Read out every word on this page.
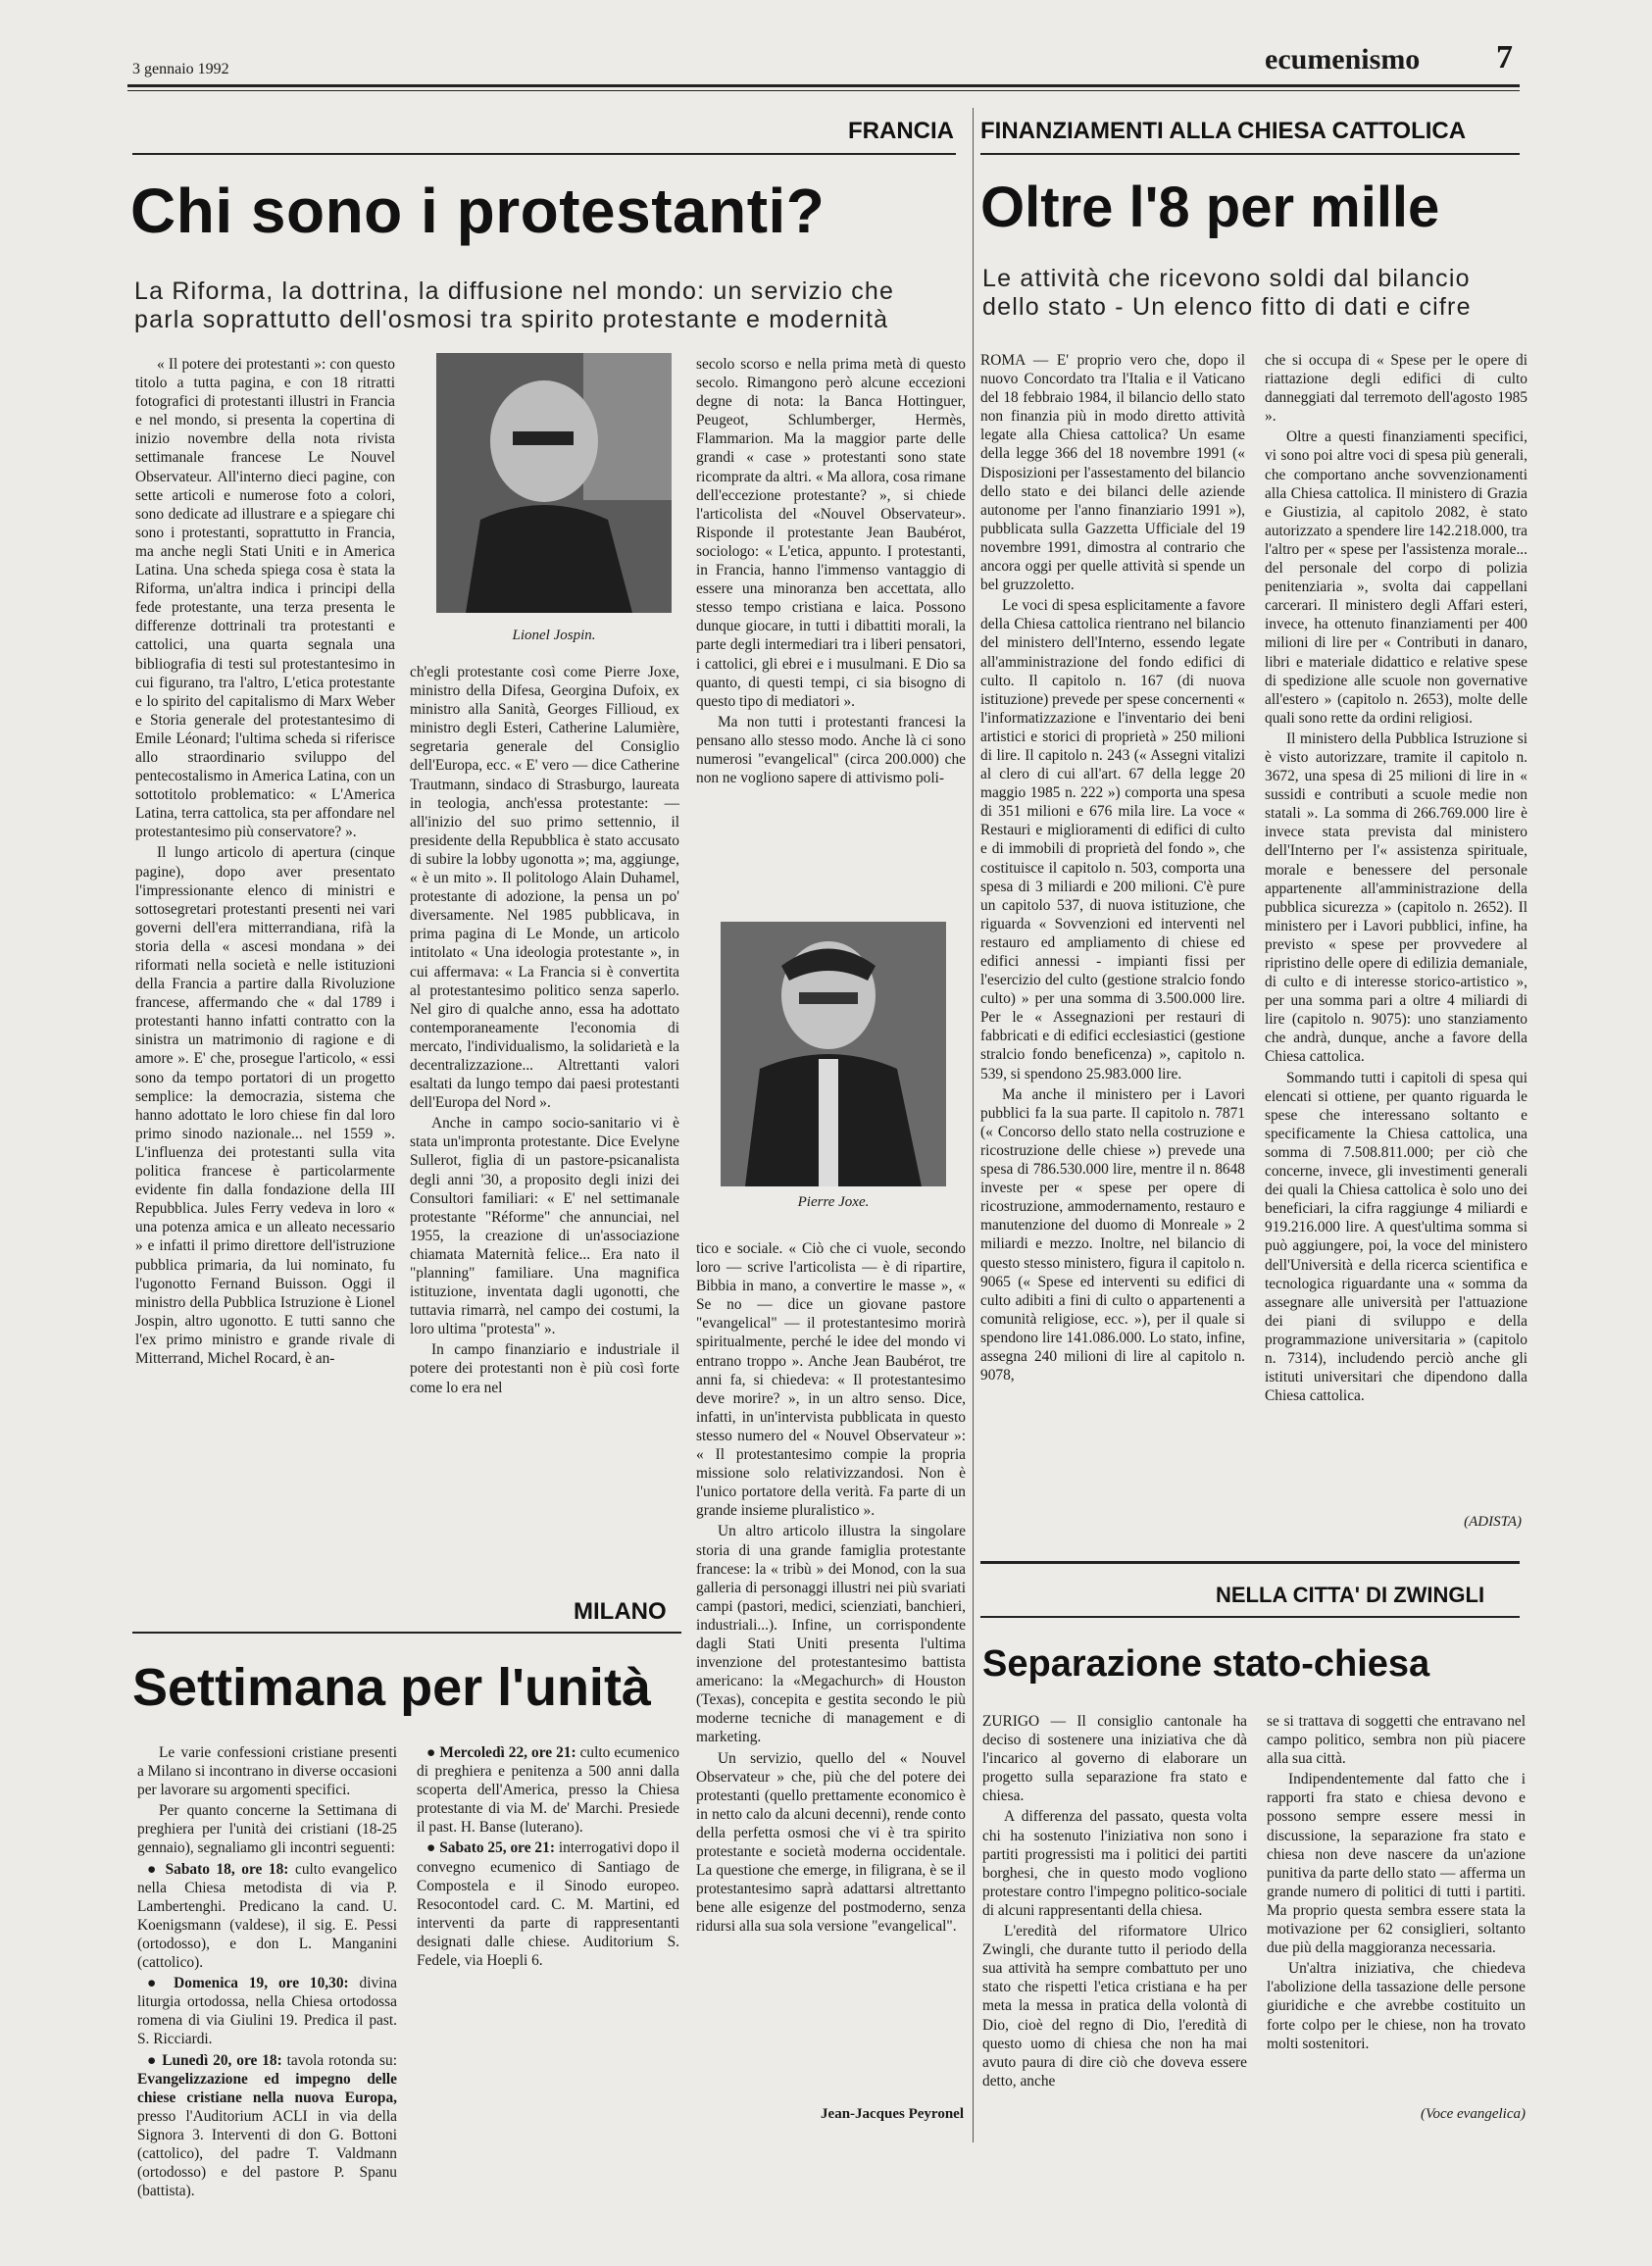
3 gennaio 1992	ecumenismo 7
FRANCIA
Chi sono i protestanti?
La Riforma, la dottrina, la diffusione nel mondo: un servizio che
parla soprattutto dell'osmosi tra spirito protestante e modernità

« Il potere dei protestanti »: con questo titolo a tutta pagina, e con 18 ritratti fotografici di protestanti illustri in Francia e nel mondo, si presenta la copertina di inizio novembre della nota rivista settimanale francese Le Nouvel Observateur. All'interno dieci pagine, con sette articoli e numerose foto a colori, sono dedicate ad illustrare e a spiegare chi sono i protestanti, soprattutto in Francia, ma anche negli Stati Uniti e in America Latina. Una scheda spiega cosa è stata la Riforma, un'altra indica i principi della fede protestante, una terza presenta le differenze dottrinali tra protestanti e cattolici, una quarta segnala una bibliografia di testi sul protestantesimo in cui figurano, tra l'altro, L'etica protestante e lo spirito del capitalismo di Marx Weber e Storia generale del protestantesimo di Emile Léonard; l'ultima scheda si riferisce allo straordinario sviluppo del pentecostalismo in America Latina, con un sottotitolo problematico: « L'America Latina, terra cattolica, sta per affondare nel protestantesimo più conservatore? ».

Il lungo articolo di apertura (cinque pagine), dopo aver presentato l'impressionante elenco di ministri e sottosegretari protestanti presenti nei vari governi dell'era mitterrandiana, rifà la storia della « ascesi mondana » dei riformati nella società e nelle istituzioni della Francia a partire dalla Rivoluzione francese, affermando che « dal 1789 i protestanti hanno infatti contratto con la sinistra un matrimonio di ragione e di amore ». E' che, prosegue l'articolo, « essi sono da tempo portatori di un progetto semplice: la democrazia, sistema che hanno adottato le loro chiese fin dal loro primo sinodo nazionale... nel 1559 ». L'influenza dei protestanti sulla vita politica francese è particolarmente evidente fin dalla fondazione della III Repubblica. Jules Ferry vedeva in loro « una potenza amica e un alleato necessario » e infatti il primo direttore dell'istruzione pubblica primaria, da lui nominato, fu l'ugonotto Fernand Buisson. Oggi il ministro della Pubblica Istruzione è Lionel Jospin, altro ugonotto. E tutti sanno che l'ex primo ministro e grande rivale di Mitterrand, Michel Rocard, è an-

Lionel Jospin.

ch'egli protestante così come Pierre Joxe, ministro della Difesa, Georgina Dufoix, ex ministro alla Sanità, Georges Fillioud, ex ministro degli Esteri, Catherine Lalumière, segretaria generale del Consiglio dell'Europa, ecc. « E' vero — dice Catherine Trautmann, sindaco di Strasburgo, laureata in teologia, anch'essa protestante: — all'inizio del suo primo settennio, il presidente della Repubblica è stato accusato di subire la lobby ugonotta »; ma, aggiunge, « è un mito ». Il politologo Alain Duhamel, protestante di adozione, la pensa un po' diversamente. Nel 1985 pubblicava, in prima pagina di Le Monde, un articolo intitolato « Una ideologia protestante », in cui affermava: « La Francia si è convertita al protestantesimo politico senza saperlo. Nel giro di qualche anno, essa ha adottato contemporaneamente l'economia di mercato, l'individualismo, la solidarietà e la decentralizzazione... Altrettanti valori esaltati da lungo tempo dai paesi protestanti dell'Europa del Nord ».

Anche in campo socio-sanitario vi è stata un'impronta protestante. Dice Evelyne Sullerot, figlia di un pastore-psicanalista degli anni '30, a proposito degli inizi dei Consultori familiari: « E' nel settimanale protestante "Réforme" che annunciai, nel 1955, la creazione di un'associazione chiamata Maternità felice... Era nato il "planning" familiare. Una magnifica istituzione, inventata dagli ugonotti, che tuttavia rimarrà, nel campo dei costumi, la loro ultima "protesta" ».

In campo finanziario e industriale il potere dei protestanti non è più così forte come lo era nel

secolo scorso e nella prima metà di questo secolo. Rimangono però alcune eccezioni degne di nota: la Banca Hottinguer, Peugeot, Schlumberger, Hermès, Flammarion. Ma la maggior parte delle grandi « case » protestanti sono state ricomprate da altri. « Ma allora, cosa rimane dell'eccezione protestante? », si chiede l'articolista del «Nouvel Observateur». Risponde il protestante Jean Baubérot, sociologo: « L'etica, appunto. I protestanti, in Francia, hanno l'immenso vantaggio di essere una minoranza ben accettata, allo stesso tempo cristiana e laica. Possono dunque giocare, in tutti i dibattiti morali, la parte degli intermediari tra i liberi pensatori, i cattolici, gli ebrei e i musulmani. E Dio sa quanto, di questi tempi, ci sia bisogno di questo tipo di mediatori ».

Ma non tutti i protestanti francesi la pensano allo stesso modo. Anche là ci sono numerosi "evangelical" (circa 200.000) che non ne vogliono sapere di attivismo poli-

Pierre Joxe.

tico e sociale. « Ciò che ci vuole, secondo loro — scrive l'articolista — è di ripartire, Bibbia in mano, a convertire le masse », « Se no — dice un giovane pastore "evangelical" — il protestantesimo morirà spiritualmente, perché le idee del mondo vi entrano troppo ». Anche Jean Baubérot, tre anni fa, si chiedeva: « Il protestantesimo deve morire? », in un altro senso. Dice, infatti, in un'intervista pubblicata in questo stesso numero del « Nouvel Observateur »: « Il protestantesimo compie la propria missione solo relativizzandosi. Non è l'unico portatore della verità. Fa parte di un grande insieme pluralistico ».

Un altro articolo illustra la singolare storia di una grande famiglia protestante francese: la « tribù » dei Monod, con la sua galleria di personaggi illustri nei più svariati campi (pastori, medici, scienziati, banchieri, industriali...). Infine, un corrispondente dagli Stati Uniti presenta l'ultima invenzione del protestantesimo battista americano: la «Megachurch» di Houston (Texas), concepita e gestita secondo le più moderne tecniche di management e di marketing.

Un servizio, quello del « Nouvel Observateur » che, più che del potere dei protestanti (quello prettamente economico è in netto calo da alcuni decenni), rende conto della perfetta osmosi che vi è tra spirito protestante e società moderna occidentale. La questione che emerge, in filigrana, è se il protestantesimo saprà adattarsi altrettanto bene alle esigenze del postmoderno, senza ridursi alla sua sola versione "evangelical".

Jean-Jacques Peyronel
FINANZIAMENTI ALLA CHIESA CATTOLICA
Oltre l'8 per mille
Le attività che ricevono soldi dal bilancio
dello stato - Un elenco fitto di dati e cifre

ROMA — E' proprio vero che, dopo il nuovo Concordato tra l'Italia e il Vaticano del 18 febbraio 1984, il bilancio dello stato non finanzia più in modo diretto attività legate alla Chiesa cattolica? Un esame della legge 366 del 18 novembre 1991 (« Disposizioni per l'assestamento del bilancio dello stato e dei bilanci delle aziende autonome per l'anno finanziario 1991 »), pubblicata sulla Gazzetta Ufficiale del 19 novembre 1991, dimostra al contrario che ancora oggi per quelle attività si spende un bel gruzzoletto.

Le voci di spesa esplicitamente a favore della Chiesa cattolica rientrano nel bilancio del ministero dell'Interno, essendo legate all'amministrazione del fondo edifici di culto. Il capitolo n. 167 (di nuova istituzione) prevede per spese concernenti « l'informatizzazione e l'inventario dei beni artistici e storici di proprietà » 250 milioni di lire. Il capitolo n. 243 (« Assegni vitalizi al clero di cui all'art. 67 della legge 20 maggio 1985 n. 222 ») comporta una spesa di 351 milioni e 676 mila lire. La voce « Restauri e miglioramenti di edifici di culto e di immobili di proprietà del fondo », che costituisce il capitolo n. 503, comporta una spesa di 3 miliardi e 200 milioni. C'è pure un capitolo 537, di nuova istituzione, che riguarda « Sovvenzioni ed interventi nel restauro ed ampliamento di chiese ed edifici annessi - impianti fissi per l'esercizio del culto (gestione stralcio fondo culto) » per una somma di 3.500.000 lire. Per le « Assegnazioni per restauri di fabbricati e di edifici ecclesiastici (gestione stralcio fondo beneficenza) », capitolo n. 539, si spendono 25.983.000 lire.

Ma anche il ministero per i Lavori pubblici fa la sua parte. Il capitolo n. 7871 (« Concorso dello stato nella costruzione e ricostruzione delle chiese ») prevede una spesa di 786.530.000 lire, mentre il n. 8648 investe per « spese per opere di ricostruzione, ammodernamento, restauro e manutenzione del duomo di Monreale » 2 miliardi e mezzo. Inoltre, nel bilancio di questo stesso ministero, figura il capitolo n. 9065 (« Spese ed interventi su edifici di culto adibiti a fini di culto o appartenenti a comunità religiose, ecc. »), per il quale si spendono lire 141.086.000. Lo stato, infine, assegna 240 milioni di lire al capitolo n. 9078,

che si occupa di « Spese per le opere di riattazione degli edifici di culto danneggiati dal terremoto dell'agosto 1985 ».

Oltre a questi finanziamenti specifici, vi sono poi altre voci di spesa più generali, che comportano anche sovvenzionamenti alla Chiesa cattolica. Il ministero di Grazia e Giustizia, al capitolo 2082, è stato autorizzato a spendere lire 142.218.000, tra l'altro per « spese per l'assistenza morale... del personale del corpo di polizia penitenziaria », svolta dai cappellani carcerari. Il ministero degli Affari esteri, invece, ha ottenuto finanziamenti per 400 milioni di lire per « Contributi in danaro, libri e materiale didattico e relative spese di spedizione alle scuole non governative all'estero » (capitolo n. 2653), molte delle quali sono rette da ordini religiosi.

Il ministero della Pubblica Istruzione si è visto autorizzare, tramite il capitolo n. 3672, una spesa di 25 milioni di lire in « sussidi e contributi a scuole medie non statali ». La somma di 266.769.000 lire è invece stata prevista dal ministero dell'Interno per l'« assistenza spirituale, morale e benessere del personale appartenente all'amministrazione della pubblica sicurezza » (capitolo n. 2652). Il ministero per i Lavori pubblici, infine, ha previsto « spese per provvedere al ripristino delle opere di edilizia demaniale, di culto e di interesse storico-artistico », per una somma pari a oltre 4 miliardi di lire (capitolo n. 9075): uno stanziamento che andrà, dunque, anche a favore della Chiesa cattolica.

Sommando tutti i capitoli di spesa qui elencati si ottiene, per quanto riguarda le spese che interessano soltanto e specificamente la Chiesa cattolica, una somma di 7.508.811.000; per ciò che concerne, invece, gli investimenti generali dei quali la Chiesa cattolica è solo uno dei beneficiari, la cifra raggiunge 4 miliardi e 919.216.000 lire. A quest'ultima somma si può aggiungere, poi, la voce del ministero dell'Università e della ricerca scientifica e tecnologica riguardante una « somma da assegnare alle università per l'attuazione dei piani di sviluppo e della programmazione universitaria » (capitolo n. 7314), includendo perciò anche gli istituti universitari che dipendono dalla Chiesa cattolica.

(ADISTA)
NELLA CITTA' DI ZWINGLI
Separazione stato-chiesa

ZURIGO — Il consiglio cantonale ha deciso di sostenere una iniziativa che dà l'incarico al governo di elaborare un progetto sulla separazione fra stato e chiesa.

A differenza del passato, questa volta chi ha sostenuto l'iniziativa non sono i partiti progressisti ma i politici dei partiti borghesi, che in questo modo vogliono protestare contro l'impegno politico-sociale di alcuni rappresentanti della chiesa.

L'eredità del riformatore Ulrico Zwingli, che durante tutto il periodo della sua attività ha sempre combattuto per uno stato che rispetti l'etica cristiana e ha per meta la messa in pratica della volontà di Dio, cioè del regno di Dio, l'eredità di questo uomo di chiesa che non ha mai avuto paura di dire ciò che doveva essere detto, anche

se si trattava di soggetti che entravano nel campo politico, sembra non più piacere alla sua città.

Indipendentemente dal fatto che i rapporti fra stato e chiesa devono e possono sempre essere messi in discussione, la separazione fra stato e chiesa non deve nascere da un'azione punitiva da parte dello stato — afferma un grande numero di politici di tutti i partiti. Ma proprio questa sembra essere stata la motivazione per 62 consiglieri, soltanto due più della maggioranza necessaria.

Un'altra iniziativa, che chiedeva l'abolizione della tassazione delle persone giuridiche e che avrebbe costituito un forte colpo per le chiese, non ha trovato molti sostenitori.

(Voce evangelica)
MILANO
Settimana per l'unità

Le varie confessioni cristiane presenti a Milano si incontrano in diverse occasioni per lavorare su argomenti specifici.

Per quanto concerne la Settimana di preghiera per l'unità dei cristiani (18-25 gennaio), segnaliamo gli incontri seguenti:

● Sabato 18, ore 18: culto evangelico nella Chiesa metodista di via P. Lambertenghi. Predicano la cand. U. Koenigsmann (valdese), il sig. E. Pessi (ortodosso), e don L. Manganini (cattolico).

● Domenica 19, ore 10,30: divina liturgia ortodossa, nella Chiesa ortodossa romena di via Giulini 19. Predica il past. S. Ricciardi.

● Lunedì 20, ore 18: tavola rotonda su: Evangelizzazione ed impegno delle chiese cristiane nella nuova Europa, presso l'Auditorium ACLI in via della Signora 3. Interventi di don G. Bottoni (cattolico), del padre T. Valdmann (ortodosso) e del pastore P. Spanu (battista).

● Mercoledì 22, ore 21: culto ecumenico di preghiera e penitenza a 500 anni dalla scoperta dell'America, presso la Chiesa protestante di via M. de' Marchi. Presiede il past. H. Banse (luterano).

● Sabato 25, ore 21: interrogativi dopo il convegno ecumenico di Santiago de Compostela e il Sinodo europeo. Resocontodel card. C. M. Martini, ed interventi da parte di rappresentanti designati dalle chiese. Auditorium S. Fedele, via Hoepli 6.
